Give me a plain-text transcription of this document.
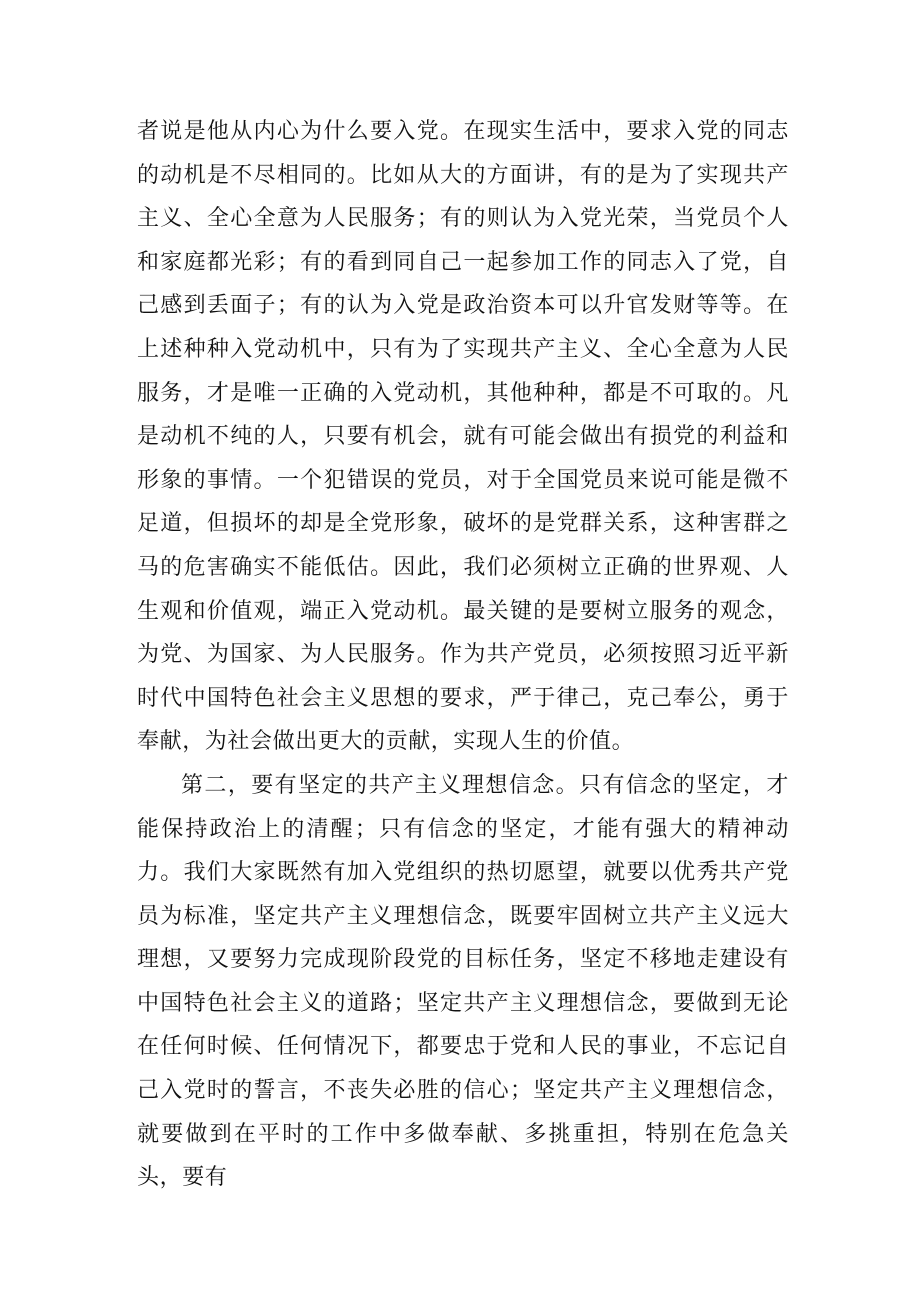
者说是他从内心为什么要入党。在现实生活中，要求入党的同志的动机是不尽相同的。比如从大的方面讲，有的是为了实现共产主义、全心全意为人民服务；有的则认为入党光荣，当党员个人和家庭都光彩；有的看到同自己一起参加工作的同志入了党，自己感到丢面子；有的认为入党是政治资本可以升官发财等等。在上述种种入党动机中，只有为了实现共产主义、全心全意为人民服务，才是唯一正确的入党动机，其他种种，都是不可取的。凡是动机不纯的人，只要有机会，就有可能会做出有损党的利益和形象的事情。一个犯错误的党员，对于全国党员来说可能是微不足道，但损坏的却是全党形象，破坏的是党群关系，这种害群之马的危害确实不能低估。因此，我们必须树立正确的世界观、人生观和价值观，端正入党动机。最关键的是要树立服务的观念，为党、为国家、为人民服务。作为共产党员，必须按照习近平新时代中国特色社会主义思想的要求，严于律己，克己奉公，勇于奉献，为社会做出更大的贡献，实现人生的价值。

第二，要有坚定的共产主义理想信念。只有信念的坚定，才能保持政治上的清醒；只有信念的坚定，才能有强大的精神动力。我们大家既然有加入党组织的热切愿望，就要以优秀共产党员为标准，坚定共产主义理想信念，既要牢固树立共产主义远大理想，又要努力完成现阶段党的目标任务，坚定不移地走建设有中国特色社会主义的道路；坚定共产主义理想信念，要做到无论在任何时候、任何情况下，都要忠于党和人民的事业，不忘记自己入党时的誓言，不丧失必胜的信心；坚定共产主义理想信念，就要做到在平时的工作中多做奉献、多挑重担，特别在危急关头，要有
